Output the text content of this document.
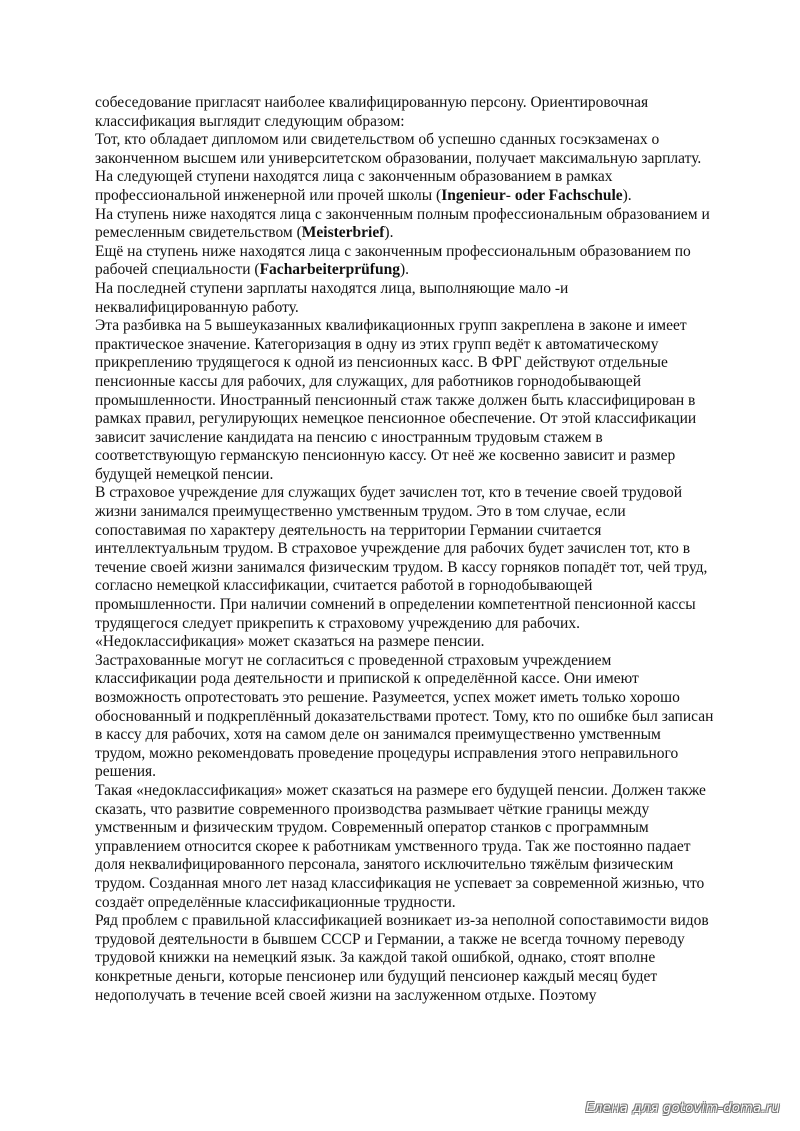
собеседование пригласят наиболее квалифицированную персону. Ориентировочная классификация выглядит следующим образом:

Тот, кто обладает дипломом или свидетельством об успешно сданных госэкзаменах о законченном высшем или университетском образовании, получает максимальную зарплату.

На следующей ступени находятся лица с законченным образованием в рамках профессиональной инженерной или прочей школы (Ingenieur- oder Fachschule).

На ступень ниже находятся лица с законченным полным профессиональным образованием и ремесленным свидетельством (Meisterbrief).

Ещё на ступень ниже находятся лица с законченным профессиональным образованием по рабочей специальности (Facharbeiterprüfung).

На последней ступени зарплаты находятся лица, выполняющие мало -и неквалифицированную работу.

Эта разбивка на 5 вышеуказанных квалификационных групп закреплена в законе и имеет практическое значение. Категоризация в одну из этих групп ведёт к автоматическому прикреплению трудящегося к одной из пенсионных касс. В ФРГ действуют отдельные пенсионные кассы для рабочих, для служащих, для работников горнодобывающей промышленности. Иностранный пенсионный стаж также должен быть классифицирован в рамках правил, регулирующих немецкое пенсионное обеспечение. От этой классификации зависит зачисление кандидата на пенсию с иностранным трудовым стажем в соответствующую германскую пенсионную кассу. От неё же косвенно зависит и размер будущей немецкой пенсии.

В страховое учреждение для служащих будет зачислен тот, кто в течение своей трудовой жизни занимался преимущественно умственным трудом. Это в том случае, если сопоставимая по характеру деятельность на территории Германии считается интеллектуальным трудом. В страховое учреждение для рабочих будет зачислен тот, кто в течение своей жизни занимался физическим трудом. В кассу горняков попадёт тот, чей труд, согласно немецкой классификации, считается работой в горнодобывающей промышленности. При наличии сомнений в определении компетентной пенсионной кассы трудящегося следует прикрепить к страховому учреждению для рабочих.

«Недоклассификация» может сказаться на размере пенсии.

Застрахованные могут не согласиться с проведенной страховым учреждением классификации рода деятельности и припиской к определённой кассе. Они имеют возможность опротестовать это решение. Разумеется, успех может иметь только хорошо обоснованный и подкреплённый доказательствами протест. Тому, кто по ошибке был записан в кассу для рабочих, хотя на самом деле он занимался преимущественно умственным трудом, можно рекомендовать проведение процедуры исправления этого неправильного решения.

Такая «недоклассификация» может сказаться на размере его будущей пенсии. Должен также сказать, что развитие современного производства размывает чёткие границы между умственным и физическим трудом. Современный оператор станков с программным управлением относится скорее к работникам умственного труда. Так же постоянно падает доля неквалифицированного персонала, занятого исключительно тяжёлым физическим трудом. Созданная много лет назад классификация не успевает за современной жизнью, что создаёт определённые классификационные трудности.

Ряд проблем с правильной классификацией возникает из-за неполной сопоставимости видов трудовой деятельности в бывшем СССР и Германии, а также не всегда точному переводу трудовой книжки на немецкий язык. За каждой такой ошибкой, однако, стоят вполне конкретные деньги, которые пенсионер или будущий пенсионер каждый месяц будет недополучать в течение всей своей жизни на заслуженном отдыхе. Поэтому

Елена для gotovim-doma.ru
